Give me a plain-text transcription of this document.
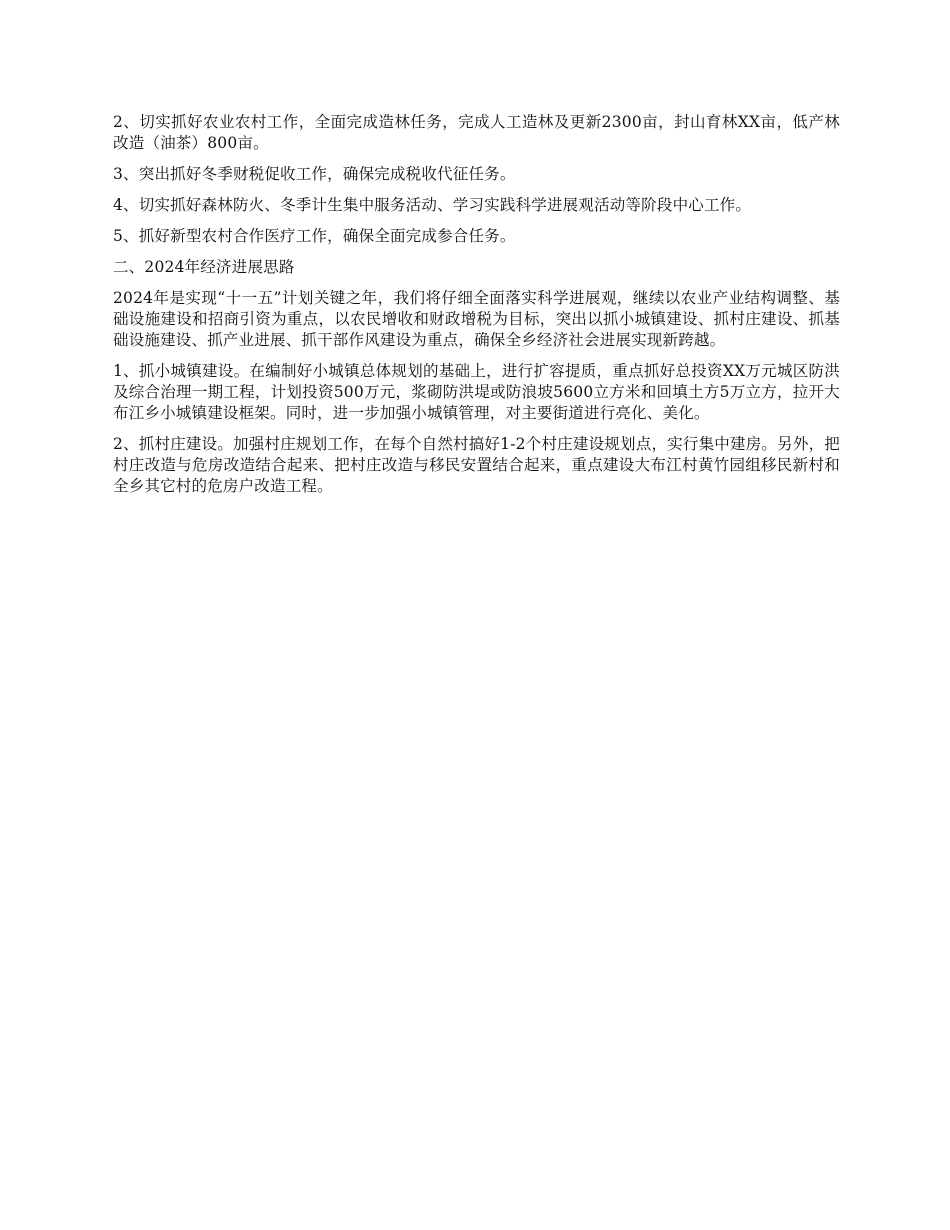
2、切实抓好农业农村工作，全面完成造林任务，完成人工造林及更新2300亩，封山育林XX亩，低产林改造（油茶）800亩。

3、突出抓好冬季财税促收工作，确保完成税收代征任务。

4、切实抓好森林防火、冬季计生集中服务活动、学习实践科学进展观活动等阶段中心工作。

5、抓好新型农村合作医疗工作，确保全面完成参合任务。

二、2024年经济进展思路

2024年是实现“十一五”计划关键之年，我们将仔细全面落实科学进展观，继续以农业产业结构调整、基础设施建设和招商引资为重点，以农民增收和财政增税为目标，突出以抓小城镇建设、抓村庄建设、抓基础设施建设、抓产业进展、抓干部作风建设为重点，确保全乡经济社会进展实现新跨越。

1、抓小城镇建设。在编制好小城镇总体规划的基础上，进行扩容提质，重点抓好总投资XX万元城区防洪及综合治理一期工程，计划投资500万元，浆砌防洪堤或防浪坡5600立方米和回填土方5万立方，拉开大布江乡小城镇建设框架。同时，进一步加强小城镇管理，对主要街道进行亮化、美化。

2、抓村庄建设。加强村庄规划工作，在每个自然村搞好1-2个村庄建设规划点，实行集中建房。另外，把村庄改造与危房改造结合起来、把村庄改造与移民安置结合起来，重点建设大布江村黄竹园组移民新村和全乡其它村的危房户改造工程。
